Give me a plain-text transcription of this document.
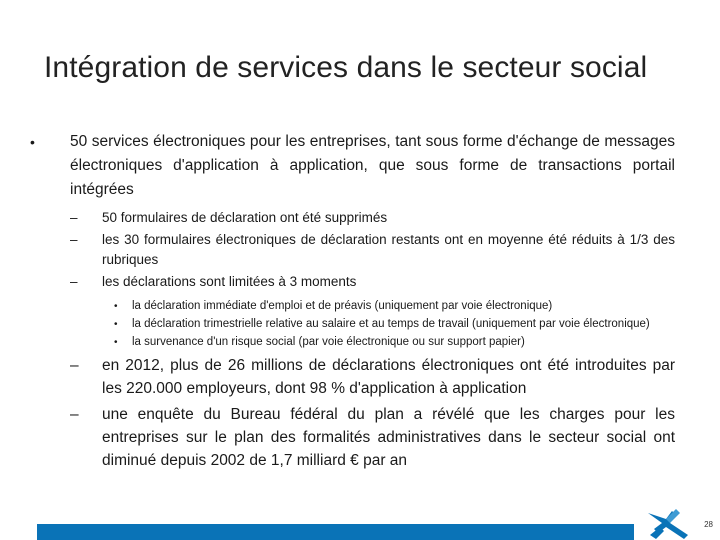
Intégration de services dans le secteur social
•	50 services électroniques pour les entreprises, tant sous forme d'échange de messages électroniques d'application à application, que sous forme de transactions portail intégrées
–	50 formulaires de déclaration ont été supprimés
–	les 30 formulaires électroniques de déclaration restants ont en moyenne été réduits à 1/3 des rubriques
–	les déclarations sont limitées à 3 moments
•	la déclaration immédiate d'emploi et de préavis (uniquement par voie électronique)
•	la déclaration trimestrielle relative au salaire et au temps de travail (uniquement par voie électronique)
•	la survenance d'un risque social (par voie électronique ou sur support papier)
–	en 2012, plus de 26 millions de déclarations électroniques ont été introduites par les 220.000 employeurs, dont 98 % d'application à application
–	une enquête du Bureau fédéral du plan a révélé que les charges pour les entreprises sur le plan des formalités administratives dans le secteur social ont diminué depuis 2002 de 1,7 milliard € par an
28
